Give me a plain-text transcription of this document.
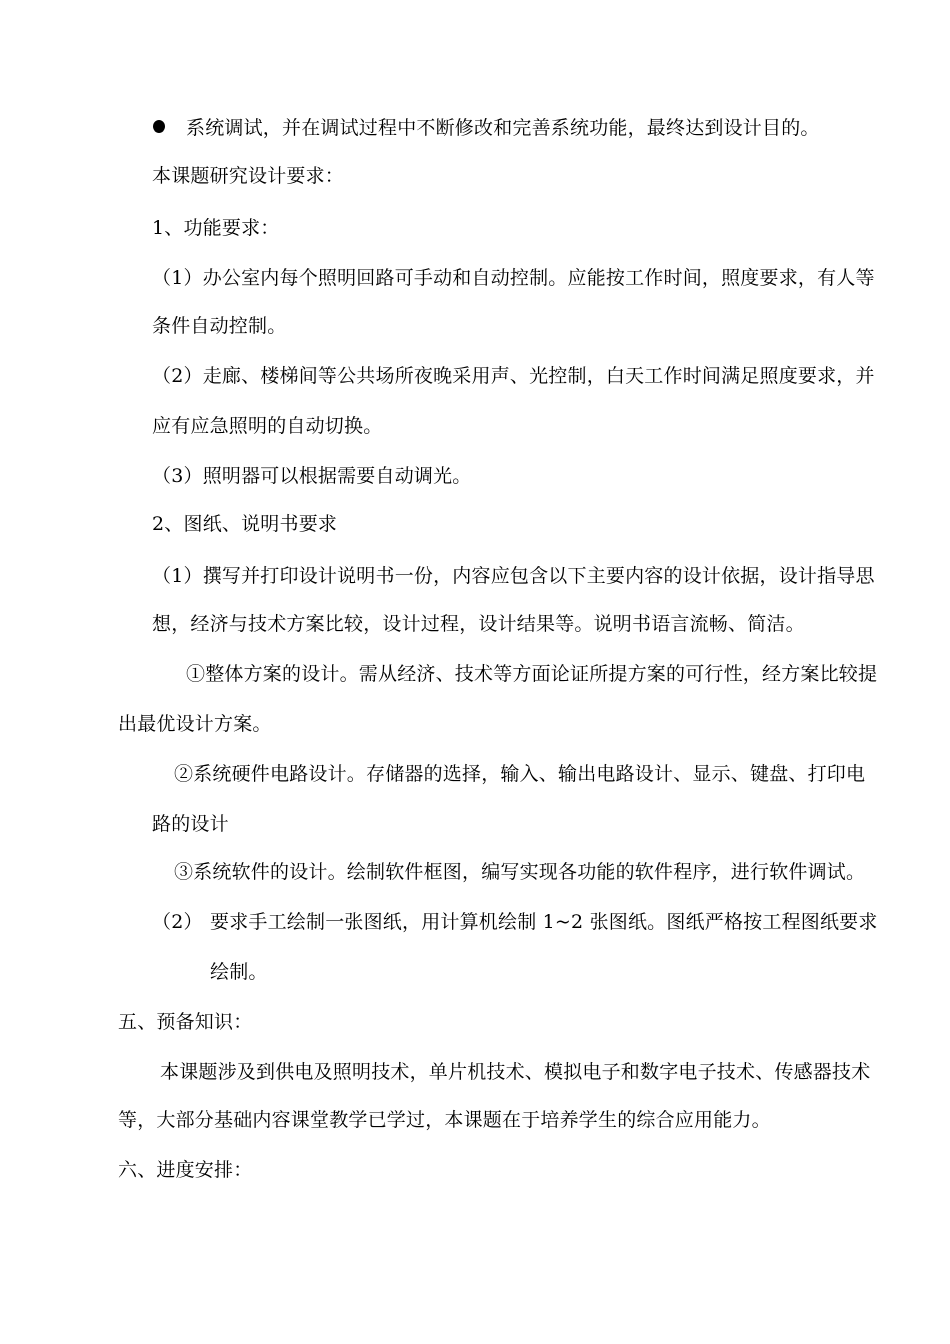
系统调试，并在调试过程中不断修改和完善系统功能，最终达到设计目的。
本课题研究设计要求：
1、功能要求：
（1）办公室内每个照明回路可手动和自动控制。应能按工作时间，照度要求，有人等
条件自动控制。
（2）走廊、楼梯间等公共场所夜晚采用声、光控制，白天工作时间满足照度要求，并
应有应急照明的自动切换。
（3）照明器可以根据需要自动调光。
2、图纸、说明书要求
（1）撰写并打印设计说明书一份，内容应包含以下主要内容的设计依据，设计指导思
想，经济与技术方案比较，设计过程，设计结果等。说明书语言流畅、简洁。
①整体方案的设计。需从经济、技术等方面论证所提方案的可行性，经方案比较提
出最优设计方案。
②系统硬件电路设计。存储器的选择，输入、输出电路设计、显示、键盘、打印电
路的设计
③系统软件的设计。绘制软件框图，编写实现各功能的软件程序，进行软件调试。
（2） 要求手工绘制一张图纸，用计算机绘制 1~2 张图纸。图纸严格按工程图纸要求
绘制。
五、预备知识：
本课题涉及到供电及照明技术，单片机技术、模拟电子和数字电子技术、传感器技术
等，大部分基础内容课堂教学已学过，本课题在于培养学生的综合应用能力。
六、进度安排：
